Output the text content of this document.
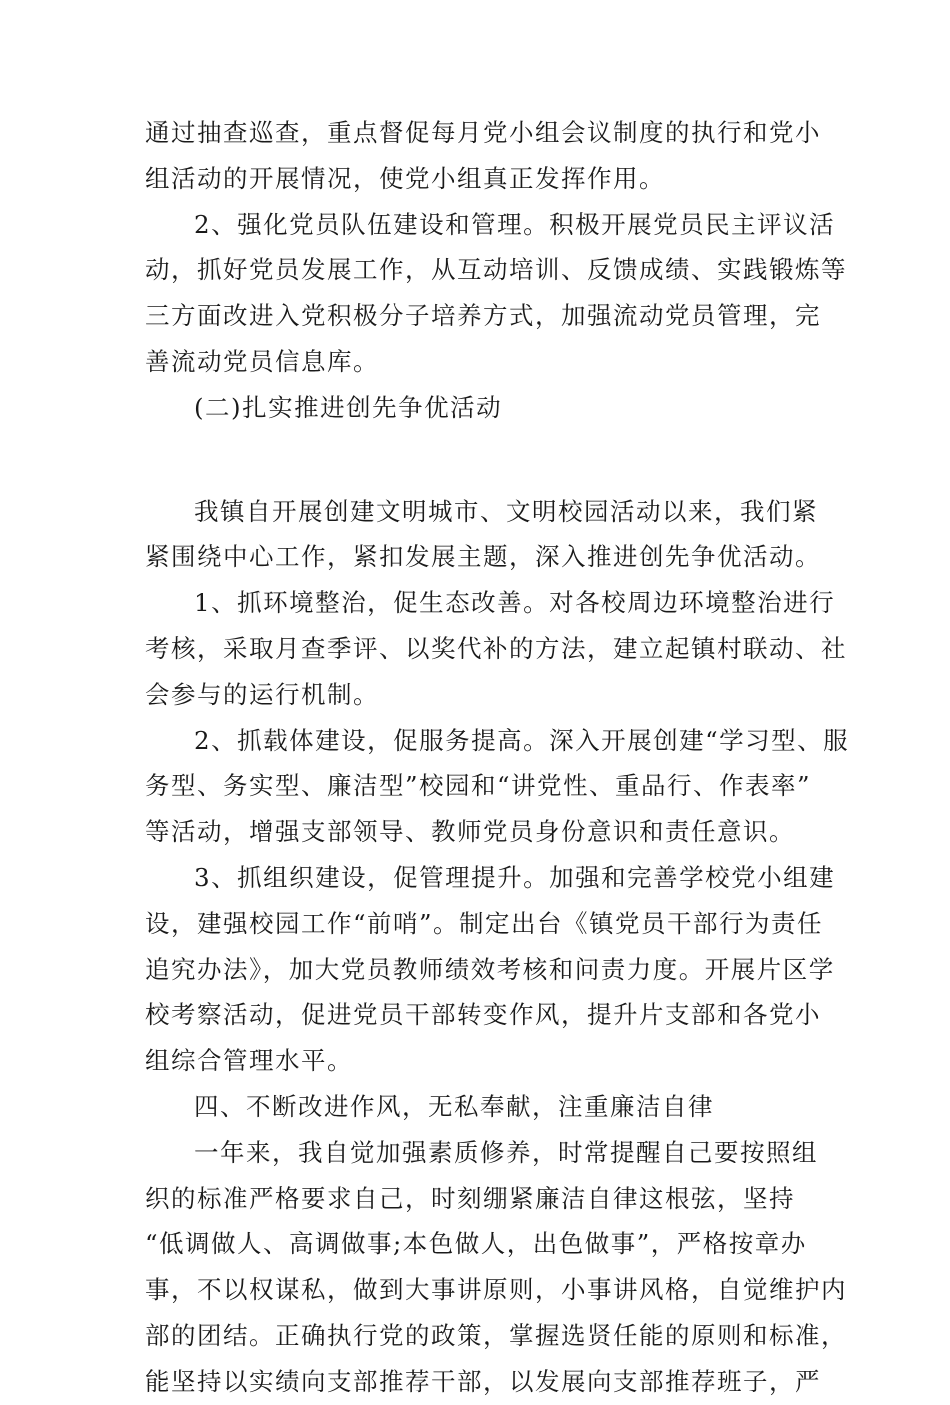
通过抽查巡查，重点督促每月党小组会议制度的执行和党小
组活动的开展情况，使党小组真正发挥作用。
2、强化党员队伍建设和管理。积极开展党员民主评议活
动，抓好党员发展工作，从互动培训、反馈成绩、实践锻炼等
三方面改进入党积极分子培养方式，加强流动党员管理，完
善流动党员信息库。
(二)扎实推进创先争优活动
我镇自开展创建文明城市、文明校园活动以来，我们紧
紧围绕中心工作，紧扣发展主题，深入推进创先争优活动。
1、抓环境整治，促生态改善。对各校周边环境整治进行
考核，采取月查季评、以奖代补的方法，建立起镇村联动、社
会参与的运行机制。
2、抓载体建设，促服务提高。深入开展创建“学习型、服
务型、务实型、廉洁型”校园和“讲党性、重品行、作表率”
等活动，增强支部领导、教师党员身份意识和责任意识。
3、抓组织建设，促管理提升。加强和完善学校党小组建
设，建强校园工作“前哨”。制定出台《镇党员干部行为责任
追究办法》，加大党员教师绩效考核和问责力度。开展片区学
校考察活动，促进党员干部转变作风，提升片支部和各党小
组综合管理水平。
四、不断改进作风，无私奉献，注重廉洁自律
一年来，我自觉加强素质修养，时常提醒自己要按照组
织的标准严格要求自己，时刻绷紧廉洁自律这根弦，坚持
“低调做人、高调做事;本色做人，出色做事”，严格按章办
事，不以权谋私，做到大事讲原则，小事讲风格，自觉维护内
部的团结。正确执行党的政策，掌握选贤任能的原则和标准，
能坚持以实绩向支部推荐干部，以发展向支部推荐班子，严
